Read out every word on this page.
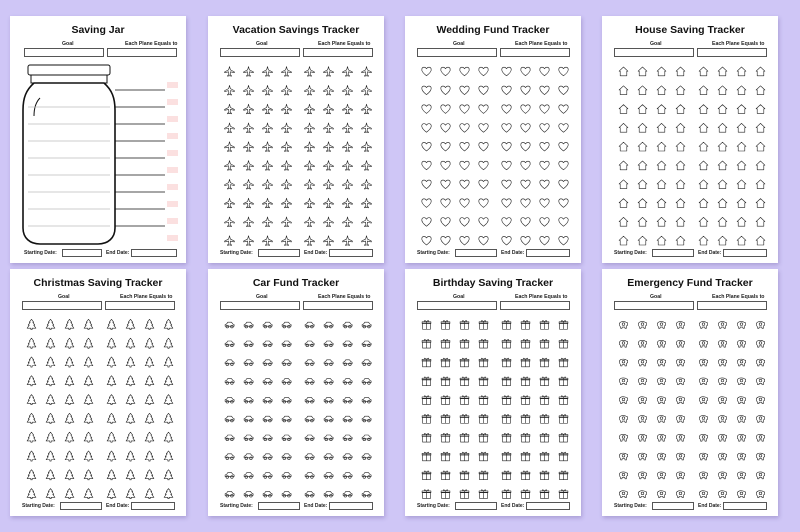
Saving Jar
Goal	Each Plane Equals to
Starting Date:	End Date:
Vacation Savings Tracker
Goal	Each Plane Equals to
Starting Date:	End Date:
Wedding Fund Tracker
Goal	Each Plane Equals to
Starting Date:	End Date:
House Saving Tracker
Goal	Each Plane Equals to
Starting Date:	End Date:
Christmas Saving Tracker
Goal	Each Plane Equals to
Starting Date:	End Date:
Car Fund Tracker
Goal	Each Plane Equals to
Starting Date:	End Date:
Birthday Saving Tracker
Goal	Each Plane Equals to
Starting Date:	End Date:
Emergency Fund Tracker
Goal	Each Plane Equals to
Starting Date:	End Date:
